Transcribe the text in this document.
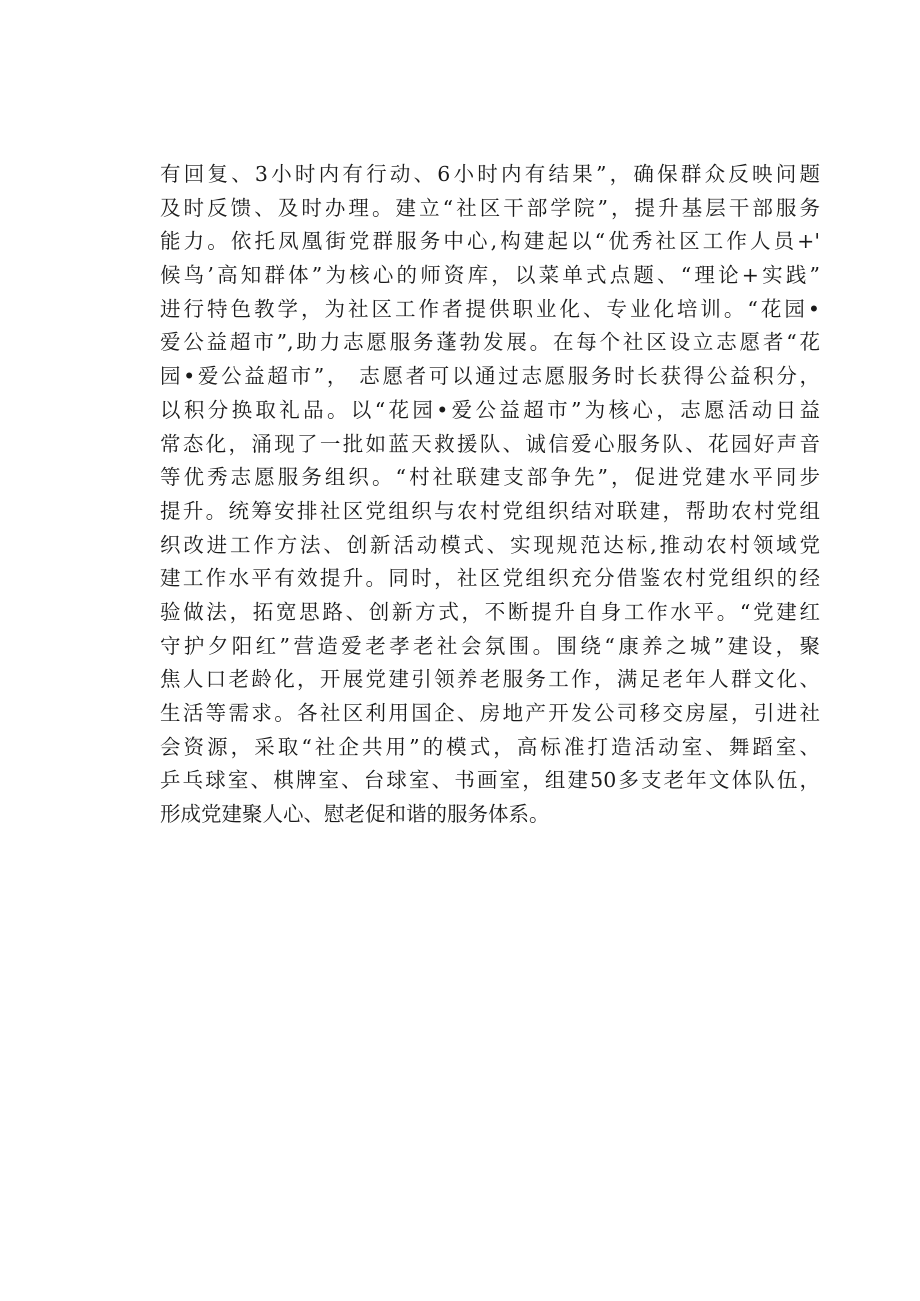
有回复、3小时内有行动、6小时内有结果”，确保群众反映问题
及时反馈、及时办理。建立“社区干部学院”，提升基层干部服务
能力。依托凤凰街党群服务中心,构建起以“优秀社区工作人员+'
候鸟’高知群体”为核心的师资库，以菜单式点题、“理论+实践”
进行特色教学，为社区工作者提供职业化、专业化培训。“花园•
爱公益超市”,助力志愿服务蓬勃发展。在每个社区设立志愿者“花
园•爱公益超市”， 志愿者可以通过志愿服务时长获得公益积分，
以积分换取礼品。以“花园•爱公益超市”为核心，志愿活动日益
常态化，涌现了一批如蓝天救援队、诚信爱心服务队、花园好声音
等优秀志愿服务组织。“村社联建支部争先”，促进党建水平同步
提升。统筹安排社区党组织与农村党组织结对联建，帮助农村党组
织改进工作方法、创新活动模式、实现规范达标,推动农村领域党
建工作水平有效提升。同时，社区党组织充分借鉴农村党组织的经
验做法，拓宽思路、创新方式，不断提升自身工作水平。“党建红
守护夕阳红”营造爱老孝老社会氛围。围绕“康养之城”建设，聚
焦人口老龄化，开展党建引领养老服务工作，满足老年人群文化、
生活等需求。各社区利用国企、房地产开发公司移交房屋，引进社
会资源，采取“社企共用”的模式，高标准打造活动室、舞蹈室、
乒乓球室、棋牌室、台球室、书画室，组建50多支老年文体队伍，
形成党建聚人心、慰老促和谐的服务体系。
